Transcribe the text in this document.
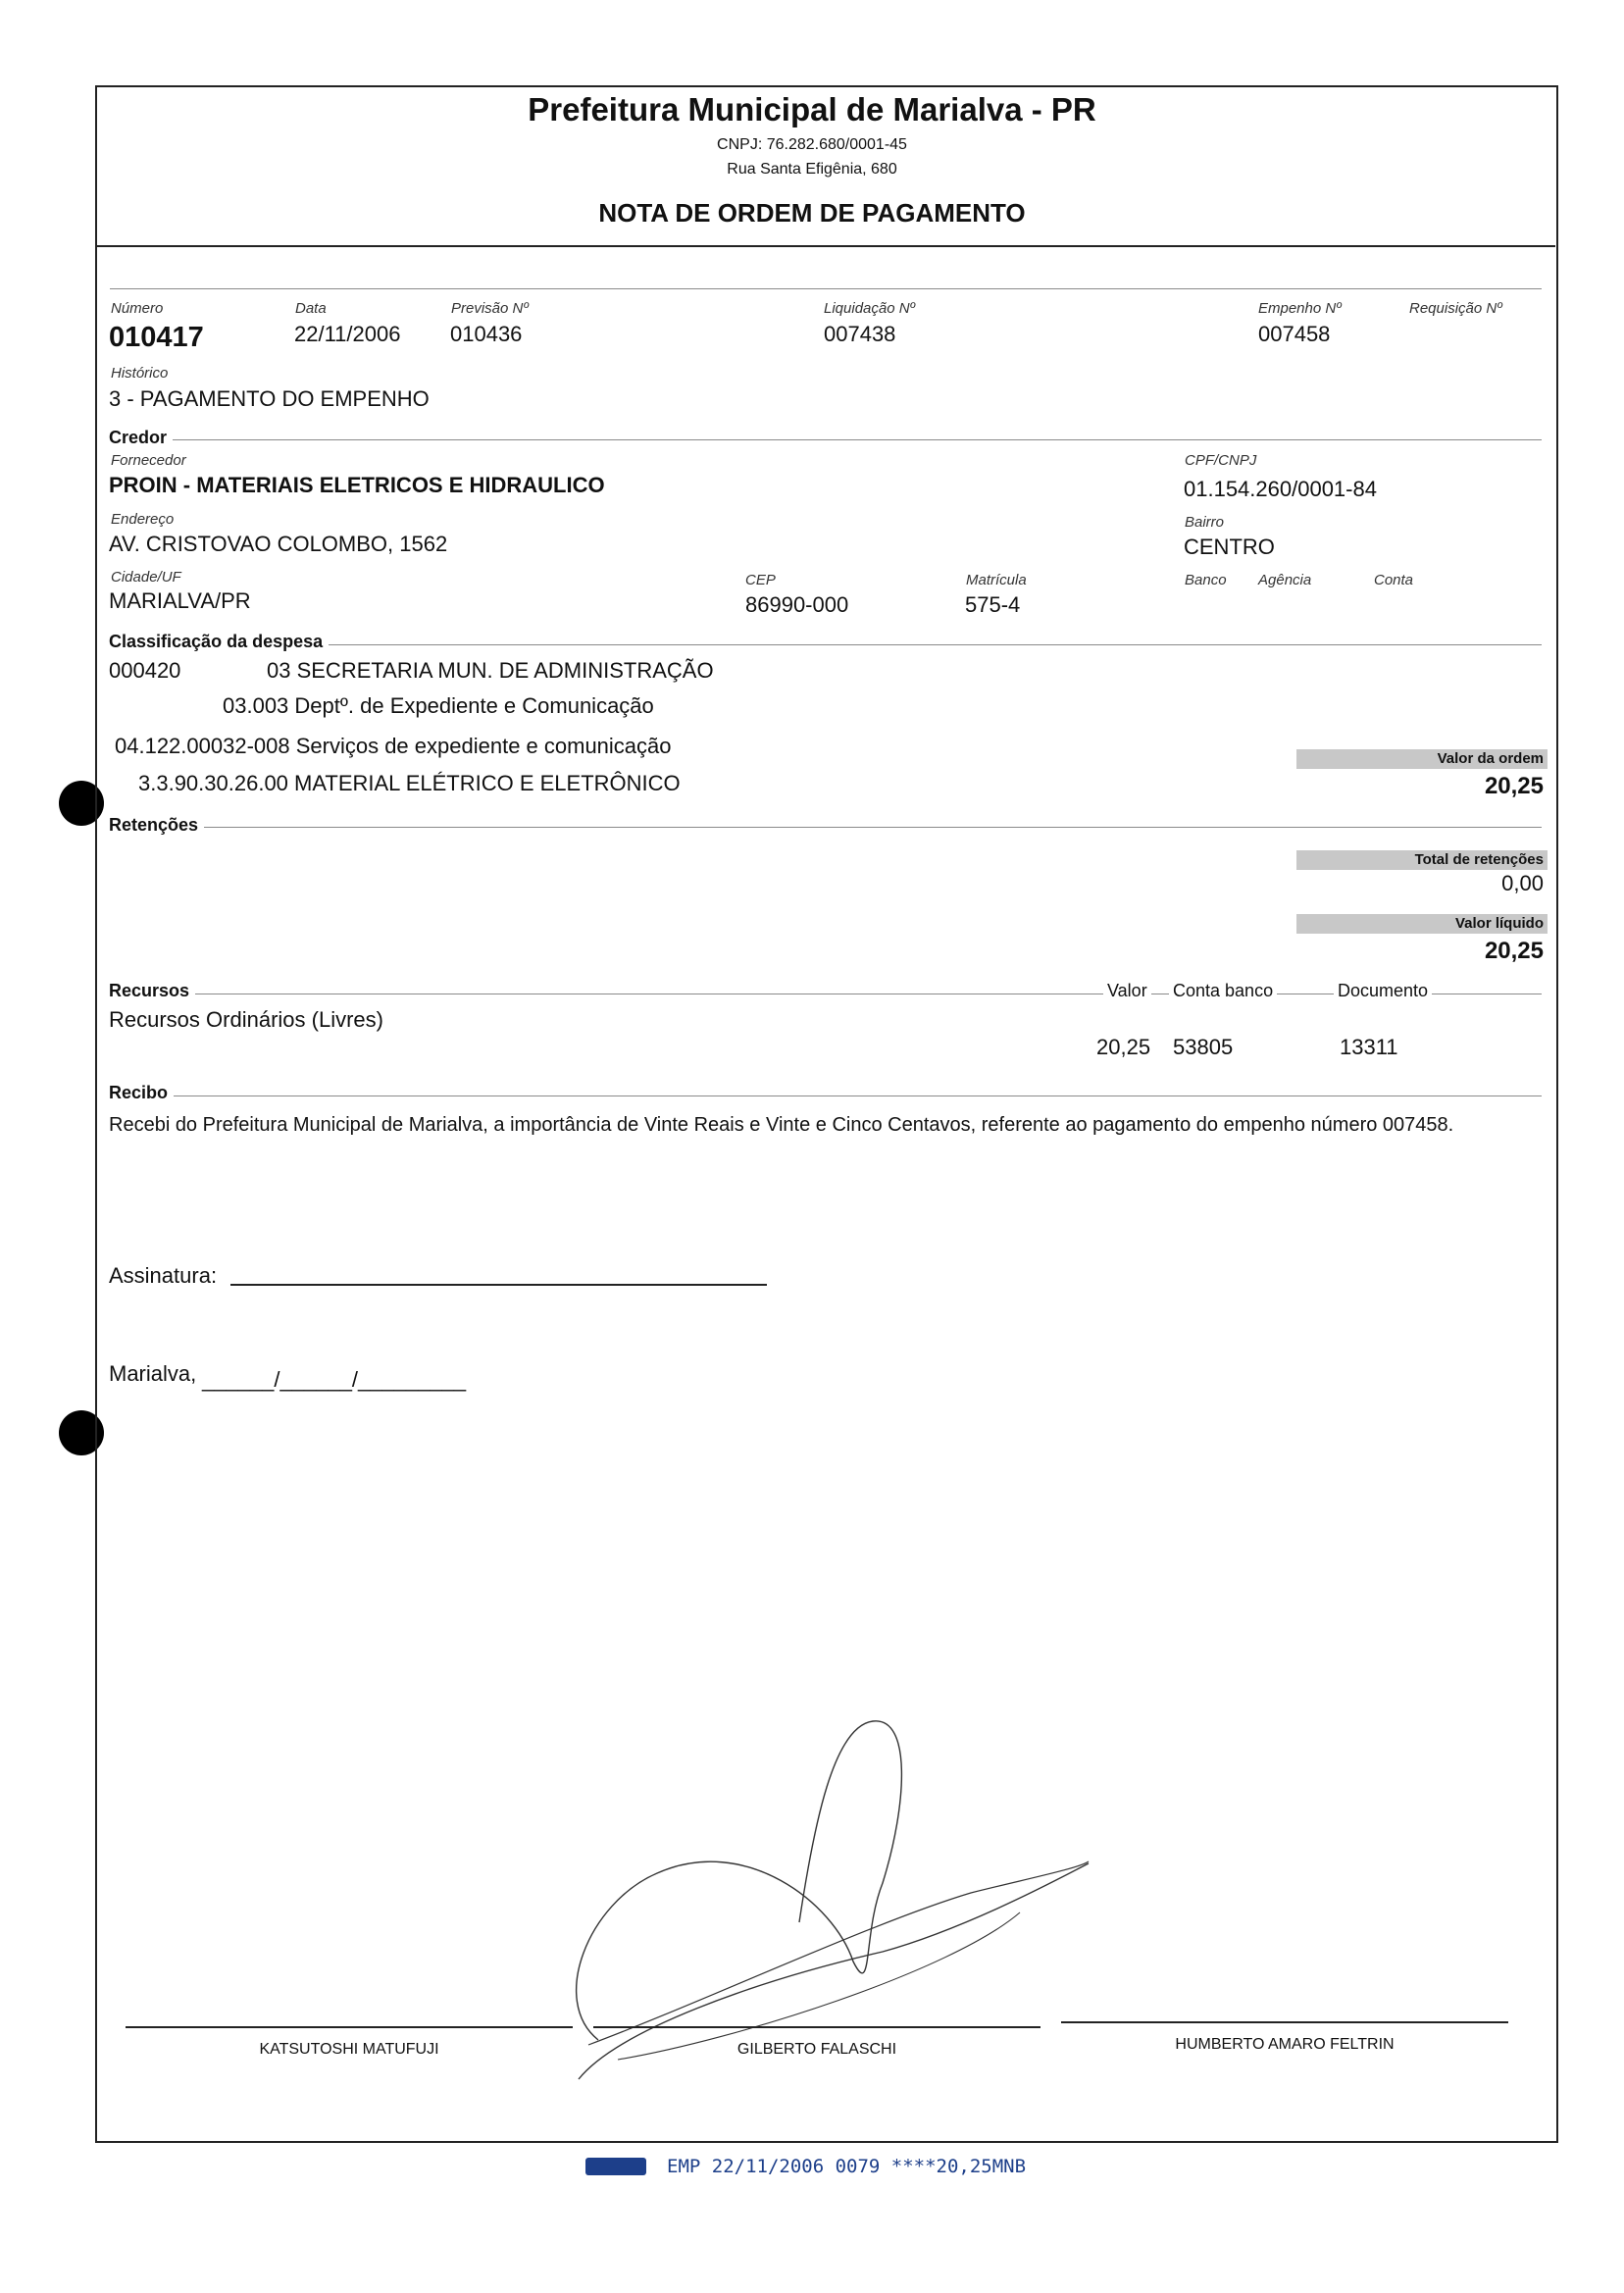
Prefeitura Municipal de Marialva - PR
CNPJ: 76.282.680/0001-45
Rua Santa Efigênia, 680
NOTA DE ORDEM DE PAGAMENTO
Número
010417
Data
22/11/2006
Previsão Nº
010436
Liquidação Nº
007438
Empenho Nº
007458
Requisição Nº
Histórico
3 - PAGAMENTO DO EMPENHO
Credor
Fornecedor
PROIN - MATERIAIS ELETRICOS E HIDRAULICO
CPF/CNPJ
01.154.260/0001-84
Endereço
AV. CRISTOVAO COLOMBO, 1562
Bairro
CENTRO
Cidade/UF
MARIALVA/PR
CEP
86990-000
Matrícula
575-4
Banco Agência	Conta
Classificação da despesa
000420	03 SECRETARIA MUN. DE ADMINISTRAÇÃO
03.003 Deptº. de Expediente e Comunicação
04.122.00032-008 Serviços de expediente e comunicação
3.3.90.30.26.00 MATERIAL ELÉTRICO E ELETRÔNICO
Valor da ordem
20,25
Retenções
Total de retenções
0,00
Valor líquido
20,25
Recursos	Valor Conta banco	Documento
Recursos Ordinários (Livres)
20,25 53805	13311
Recibo
Recebi do Prefeitura Municipal de Marialva, a importância de Vinte Reais e Vinte e Cinco Centavos, referente ao pagamento do empenho número 007458.
Assinatura:
Marialva, ______/______/_________
KATSUTOSHI MATUFUJI	GILBERTO FALASCHI	HUMBERTO AMARO FELTRIN
EMP 22/11/2006 0079 ****20,25MNB
